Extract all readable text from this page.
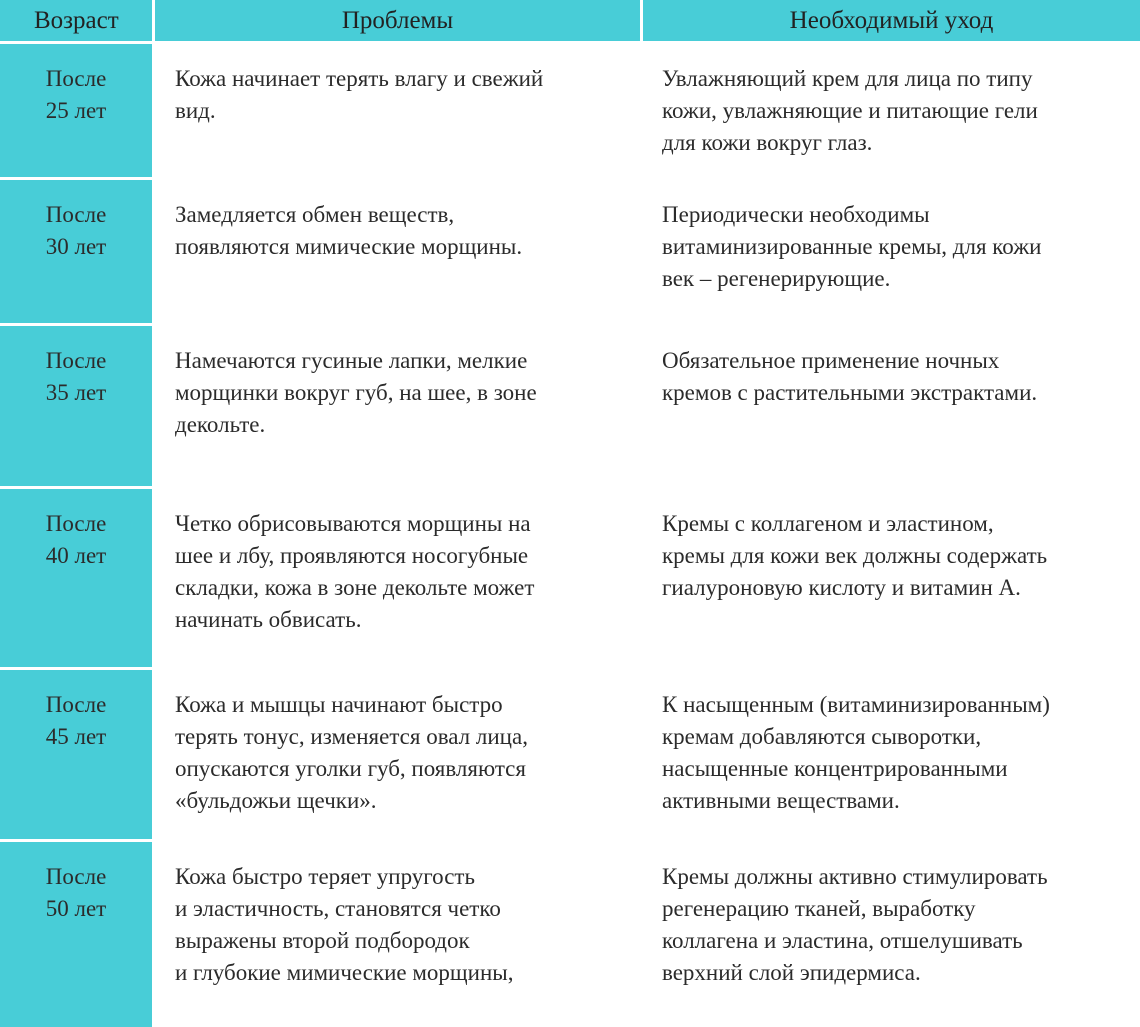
Возраст	Проблемы	Необходимый уход
После
25 лет
Кожа начинает терять влагу и свежий
вид.
Увлажняющий крем для лица по типу
кожи, увлажняющие и питающие гели
для кожи вокруг глаз.
После
30 лет
Замедляется обмен веществ,
появляются мимические морщины.
Периодически необходимы
витаминизированные кремы, для кожи
век – регенерирующие.
После
35 лет
Намечаются гусиные лапки, мелкие
морщинки вокруг губ, на шее, в зоне
декольте.
Обязательное применение ночных
кремов с растительными экстрактами.
После
40 лет
Четко обрисовываются морщины на
шее и лбу, проявляются носогубные
складки, кожа в зоне декольте может
начинать обвисать.
Кремы с коллагеном и эластином,
кремы для кожи век должны содержать
гиалуроновую кислоту и витамин А.
После
45 лет
Кожа и мышцы начинают быстро
терять тонус, изменяется овал лица,
опускаются уголки губ, появляются
«бульдожьи щечки».
К насыщенным (витаминизированным)
кремам добавляются сыворотки,
насыщенные концентрированными
активными веществами.
После
50 лет
Кожа быстро теряет упругость
и эластичность, становятся четко
выражены второй подбородок
и глубокие мимические морщины,
Кремы должны активно стимулировать
регенерацию тканей, выработку
коллагена и эластина, отшелушивать
верхний слой эпидермиса.
